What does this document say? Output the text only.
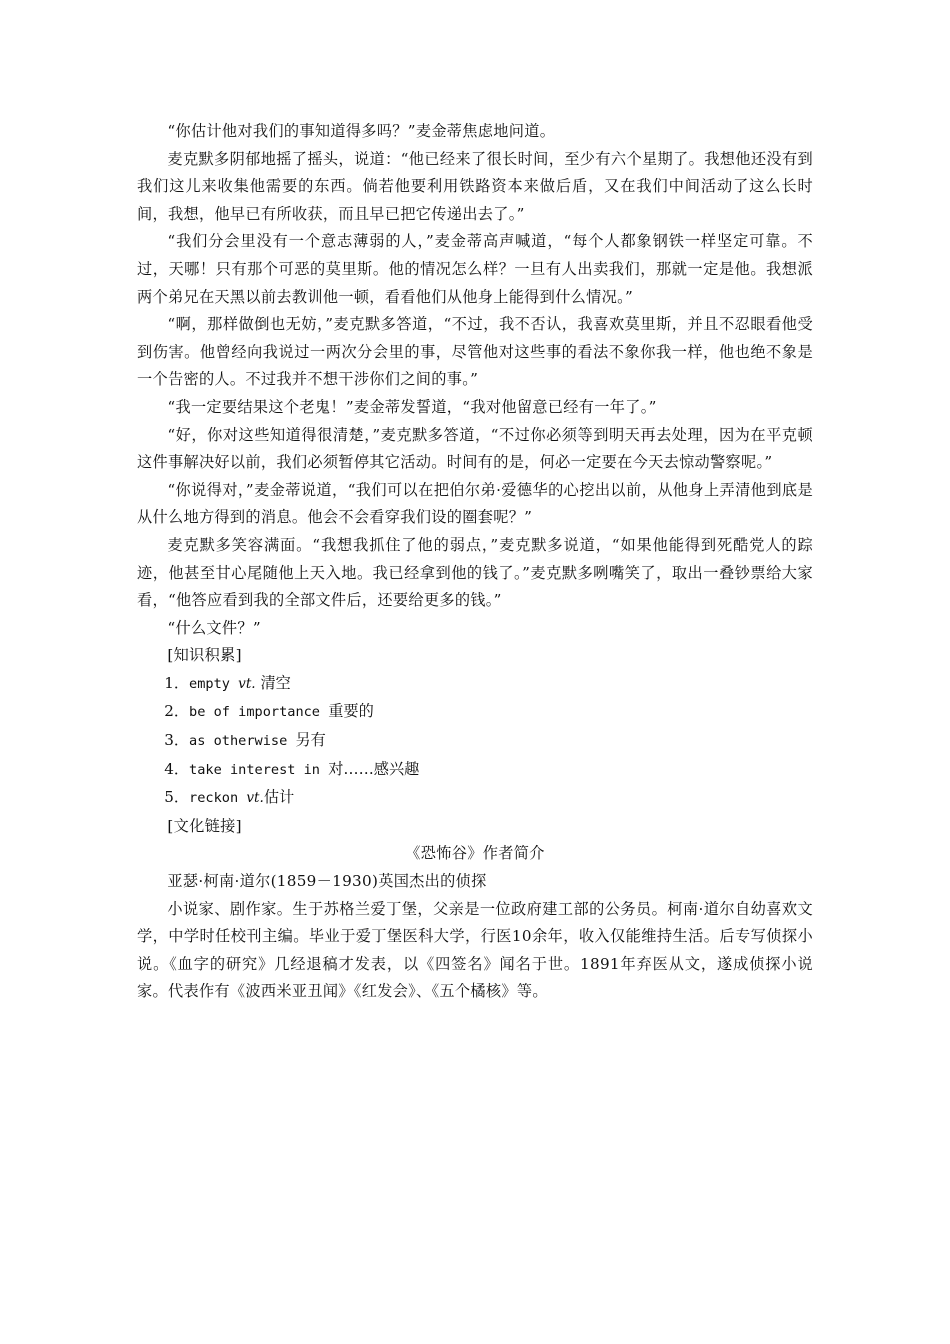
“你估计他对我们的事知道得多吗？”麦金蒂焦虑地问道。

麦克默多阴郁地摇了摇头，说道：“他已经来了很长时间，至少有六个星期了。我想他还没有到我们这儿来收集他需要的东西。倘若他要利用铁路资本来做后盾，又在我们中间活动了这么长时间，我想，他早已有所收获，而且早已把它传递出去了。”

“我们分会里没有一个意志薄弱的人，”麦金蒂高声喊道，“每个人都象钢铁一样坚定可靠。不过，天哪！只有那个可恶的莫里斯。他的情况怎么样？一旦有人出卖我们，那就一定是他。我想派两个弟兄在天黑以前去教训他一顿，看看他们从他身上能得到什么情况。”

“啊，那样做倒也无妨，”麦克默多答道，“不过，我不否认，我喜欢莫里斯，并且不忍眼看他受到伤害。他曾经向我说过一两次分会里的事，尽管他对这些事的看法不象你我一样，他也绝不象是一个告密的人。不过我并不想干涉你们之间的事。”

“我一定要结果这个老鬼！”麦金蒂发誓道，“我对他留意已经有一年了。”

“好，你对这些知道得很清楚，”麦克默多答道，“不过你必须等到明天再去处理，因为在平克顿这件事解决好以前，我们必须暂停其它活动。时间有的是，何必一定要在今天去惊动警察呢。”

“你说得对，”麦金蒂说道，“我们可以在把伯尔弟·爱德华的心挖出以前，从他身上弄清他到底是从什么地方得到的消息。他会不会看穿我们设的圈套呢？”

麦克默多笑容满面。“我想我抓住了他的弱点，”麦克默多说道，“如果他能得到死酷党人的踪迹，他甚至甘心尾随他上天入地。我已经拿到他的钱了。”麦克默多咧嘴笑了，取出一叠钞票给大家看，“他答应看到我的全部文件后，还要给更多的钱。”

“什么文件？”

[知识积累]

1．empty vt. 清空

2．be of importance 重要的

3．as otherwise 另有

4．take interest in 对……感兴趣

5．reckon vt.估计

[文化链接]

《恐怖谷》作者简介

亚瑟·柯南·道尔(1859－1930)英国杰出的侦探

小说家、剧作家。生于苏格兰爱丁堡，父亲是一位政府建工部的公务员。柯南·道尔自幼喜欢文学，中学时任校刊主编。毕业于爱丁堡医科大学，行医10余年，收入仅能维持生活。后专写侦探小说。《血字的研究》几经退稿才发表，以《四签名》闻名于世。1891年弃医从文，遂成侦探小说家。代表作有《波西米亚丑闻》《红发会》、《五个橘核》等。
